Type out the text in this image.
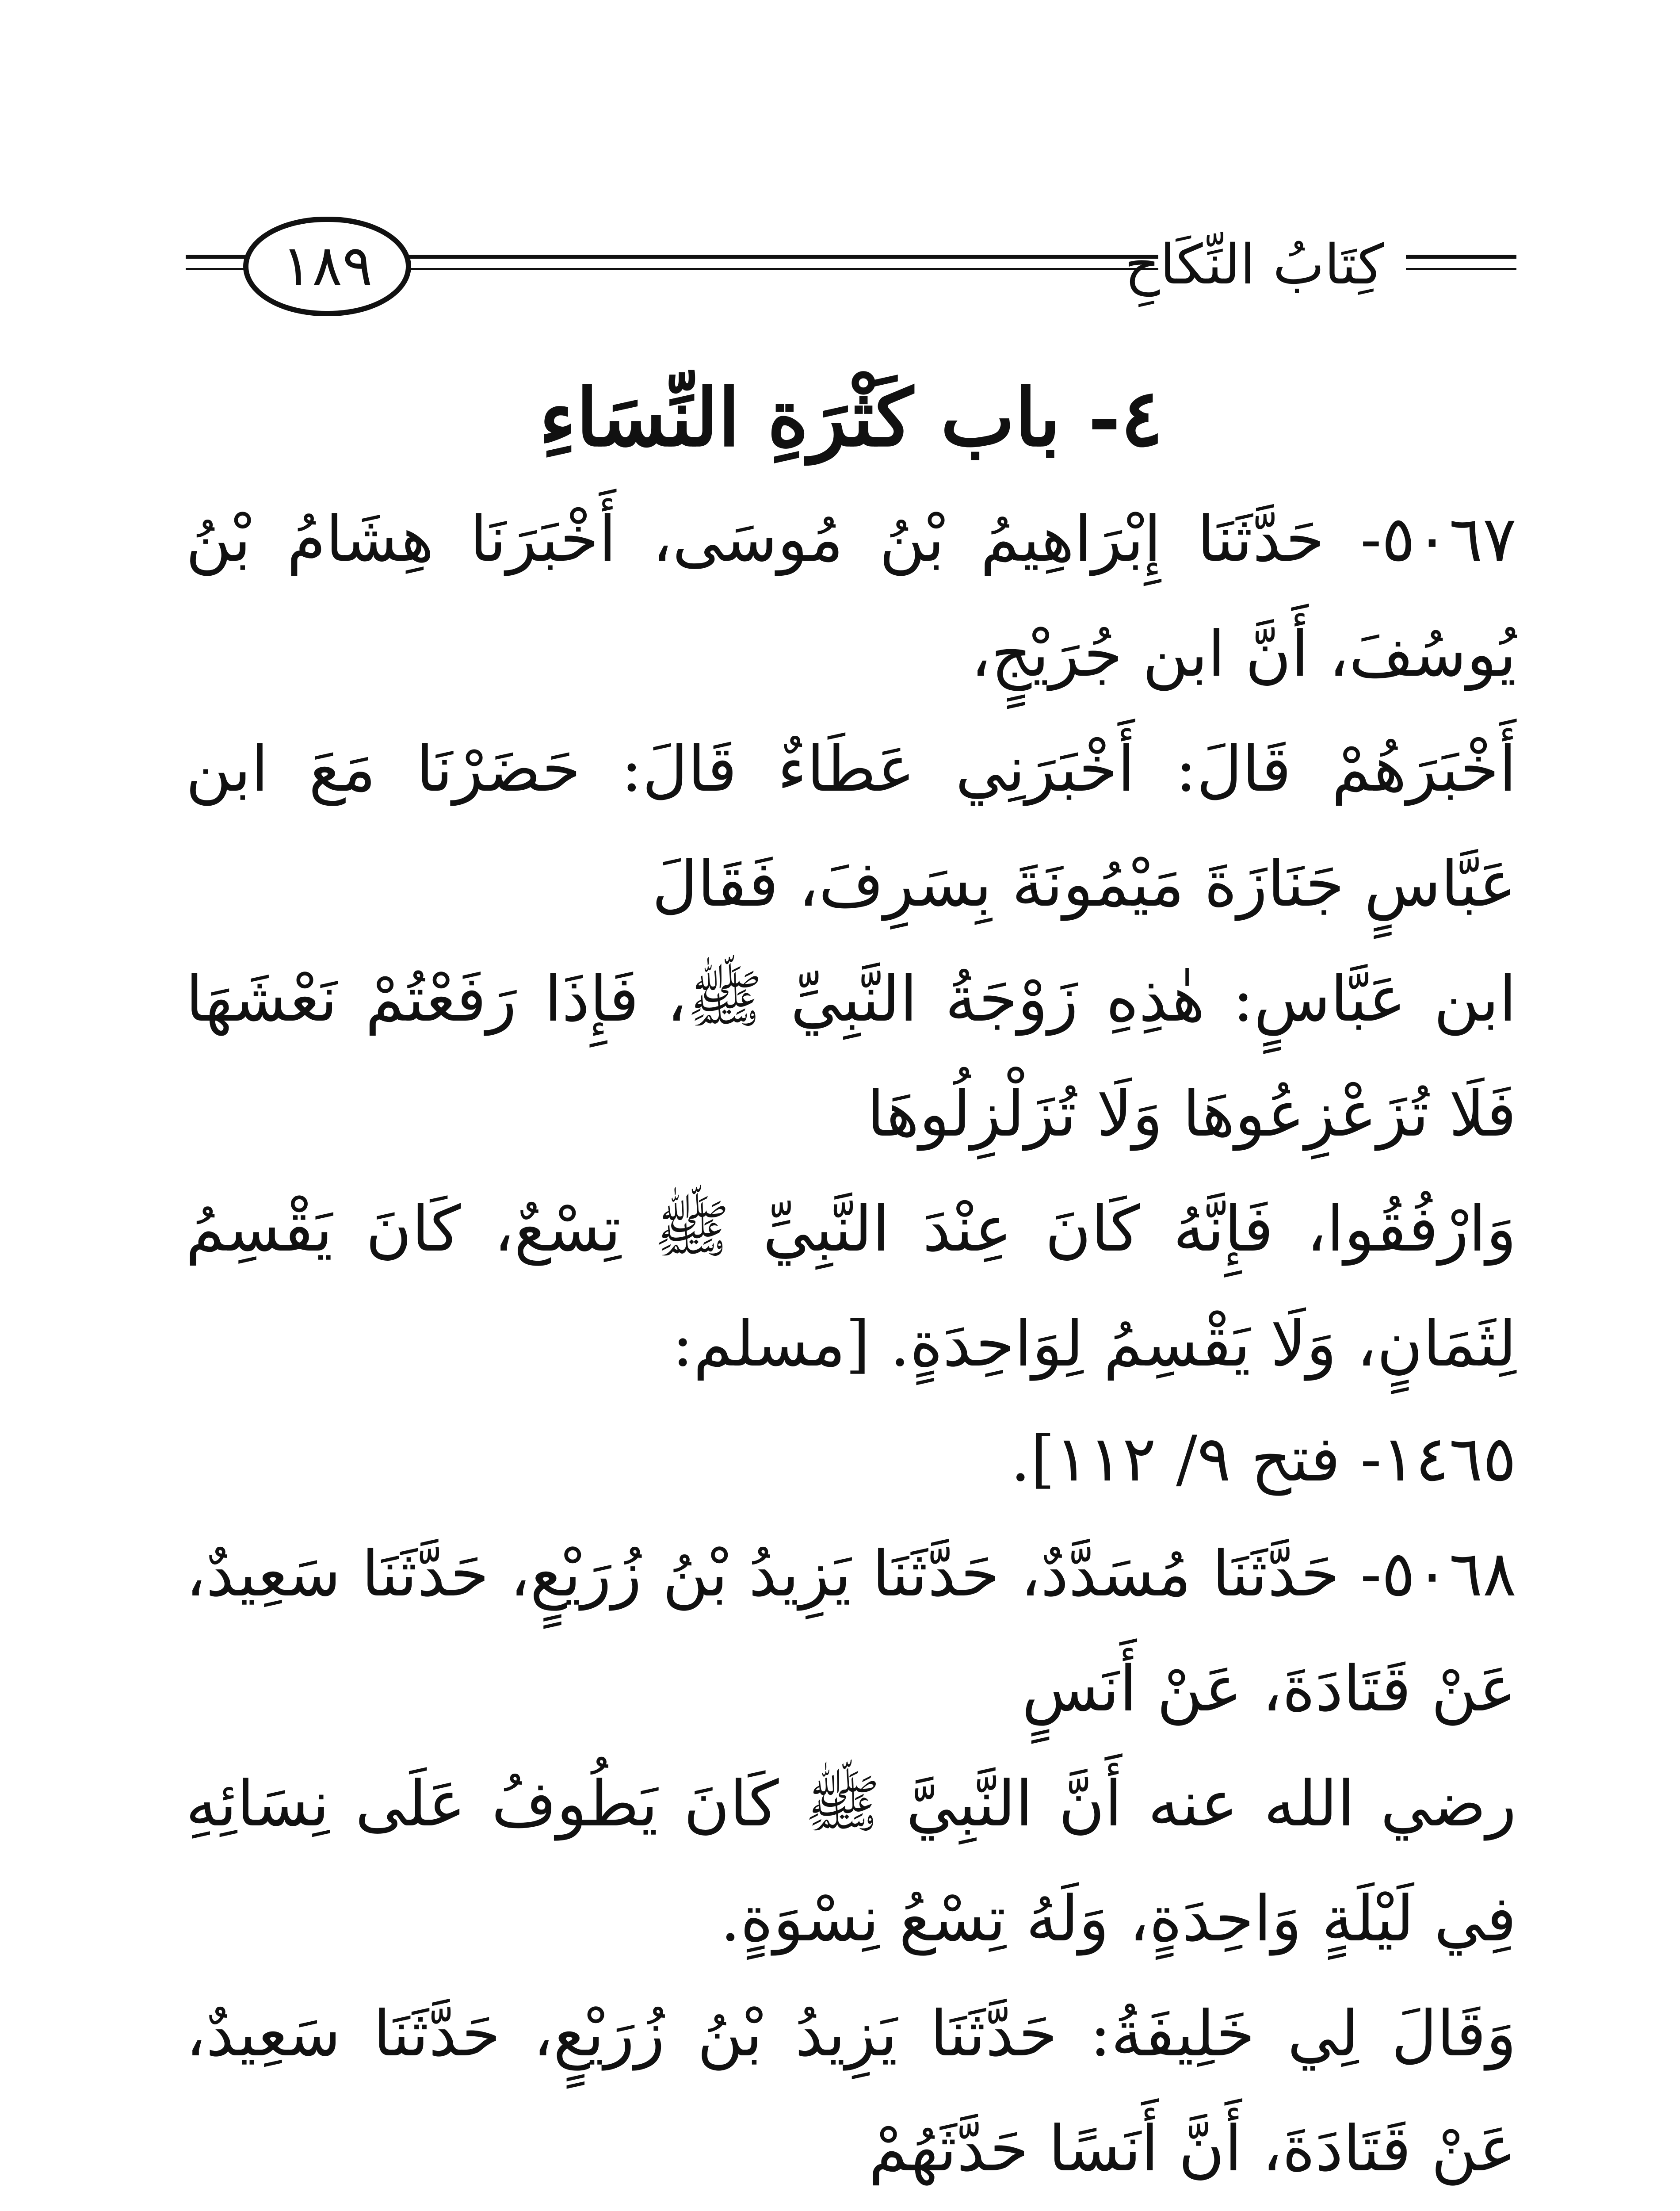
كِتَابُ النِّكَاحِ
١٨٩
٤- باب كَثْرَةِ النِّسَاءِ

٥٠٦٧- حَدَّثَنَا إِبْرَاهِيمُ بْنُ مُوسَى، أَخْبَرَنَا هِشَامُ بْنُ يُوسُفَ، أَنَّ ابن جُرَيْجٍ،

أَخْبَرَهُمْ قَالَ: أَخْبَرَنِي عَطَاءٌ قَالَ: حَضَرْنَا مَعَ ابن عَبَّاسٍ جَنَازَةَ مَيْمُونَةَ بِسَرِفَ، فَقَالَ

ابن عَبَّاسٍ: هٰذِهِ زَوْجَةُ النَّبِيِّ ﷺ، فَإِذَا رَفَعْتُمْ نَعْشَهَا فَلَا تُزَعْزِعُوهَا وَلَا تُزَلْزِلُوهَا

وَارْفُقُوا، فَإِنَّهُ كَانَ عِنْدَ النَّبِيِّ ﷺ تِسْعٌ، كَانَ يَقْسِمُ لِثَمَانٍ، وَلَا يَقْسِمُ لِوَاحِدَةٍ. [مسلم:

١٤٦٥- فتح ٩/ ١١٢].

٥٠٦٨- حَدَّثَنَا مُسَدَّدٌ، حَدَّثَنَا يَزِيدُ بْنُ زُرَيْعٍ، حَدَّثَنَا سَعِيدٌ، عَنْ قَتَادَةَ، عَنْ أَنَسٍ

رضي الله عنه أَنَّ النَّبِيَّ ﷺ كَانَ يَطُوفُ عَلَى نِسَائِهِ فِي لَيْلَةٍ وَاحِدَةٍ، وَلَهُ تِسْعُ نِسْوَةٍ.

وَقَالَ لِي خَلِيفَةُ: حَدَّثَنَا يَزِيدُ بْنُ زُرَيْعٍ، حَدَّثَنَا سَعِيدٌ، عَنْ قَتَادَةَ، أَنَّ أَنَسًا حَدَّثَهُمْ
